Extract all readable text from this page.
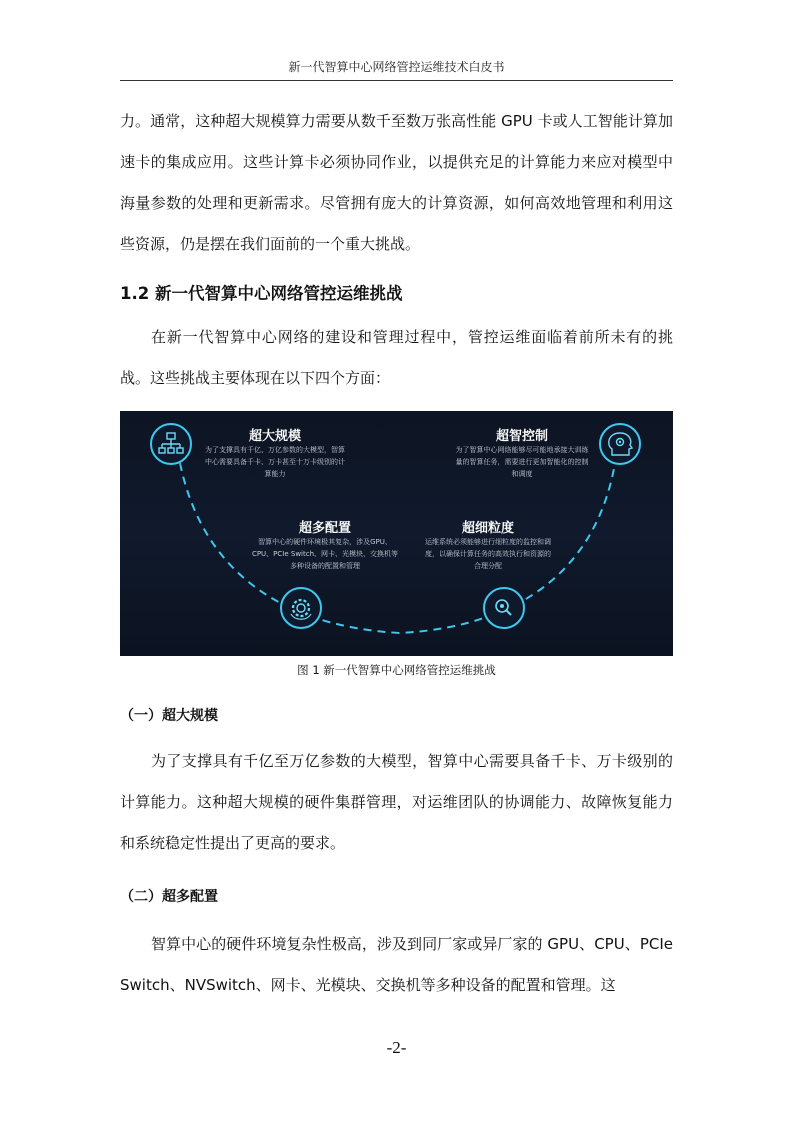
新一代智算中心网络管控运维技术白皮书

力。通常，这种超大规模算力需要从数千至数万张高性能 GPU 卡或人工智能计算加速卡的集成应用。这些计算卡必须协同作业，以提供充足的计算能力来应对模型中海量参数的处理和更新需求。尽管拥有庞大的计算资源，如何高效地管理和利用这些资源，仍是摆在我们面前的一个重大挑战。

1.2 新一代智算中心网络管控运维挑战

在新一代智算中心网络的建设和管理过程中，管控运维面临着前所未有的挑战。这些挑战主要体现在以下四个方面：

超大规模
为了支撑具有千亿、万亿参数的大模型，智算中心需要具备千卡、万卡甚至十万卡级别的计算能力
超智控制
为了智算中心网络能够尽可能地承接大训练量的智算任务，需要进行更加智能化的控制和调度
超多配置
智算中心的硬件环境极其复杂，涉及GPU、CPU、PCIe Switch、网卡、光模块、交换机等多种设备的配置和管理
超细粒度
运维系统必须能够进行细粒度的监控和调度，以确保计算任务的高效执行和资源的合理分配
图 1 新一代智算中心网络管控运维挑战
（一）超大规模

为了支撑具有千亿至万亿参数的大模型，智算中心需要具备千卡、万卡级别的计算能力。这种超大规模的硬件集群管理，对运维团队的协调能力、故障恢复能力和系统稳定性提出了更高的要求。

（二）超多配置

智算中心的硬件环境复杂性极高，涉及到同厂家或异厂家的 GPU、CPU、PCIe Switch、NVSwitch、网卡、光模块、交换机等多种设备的配置和管理。这

-2-
